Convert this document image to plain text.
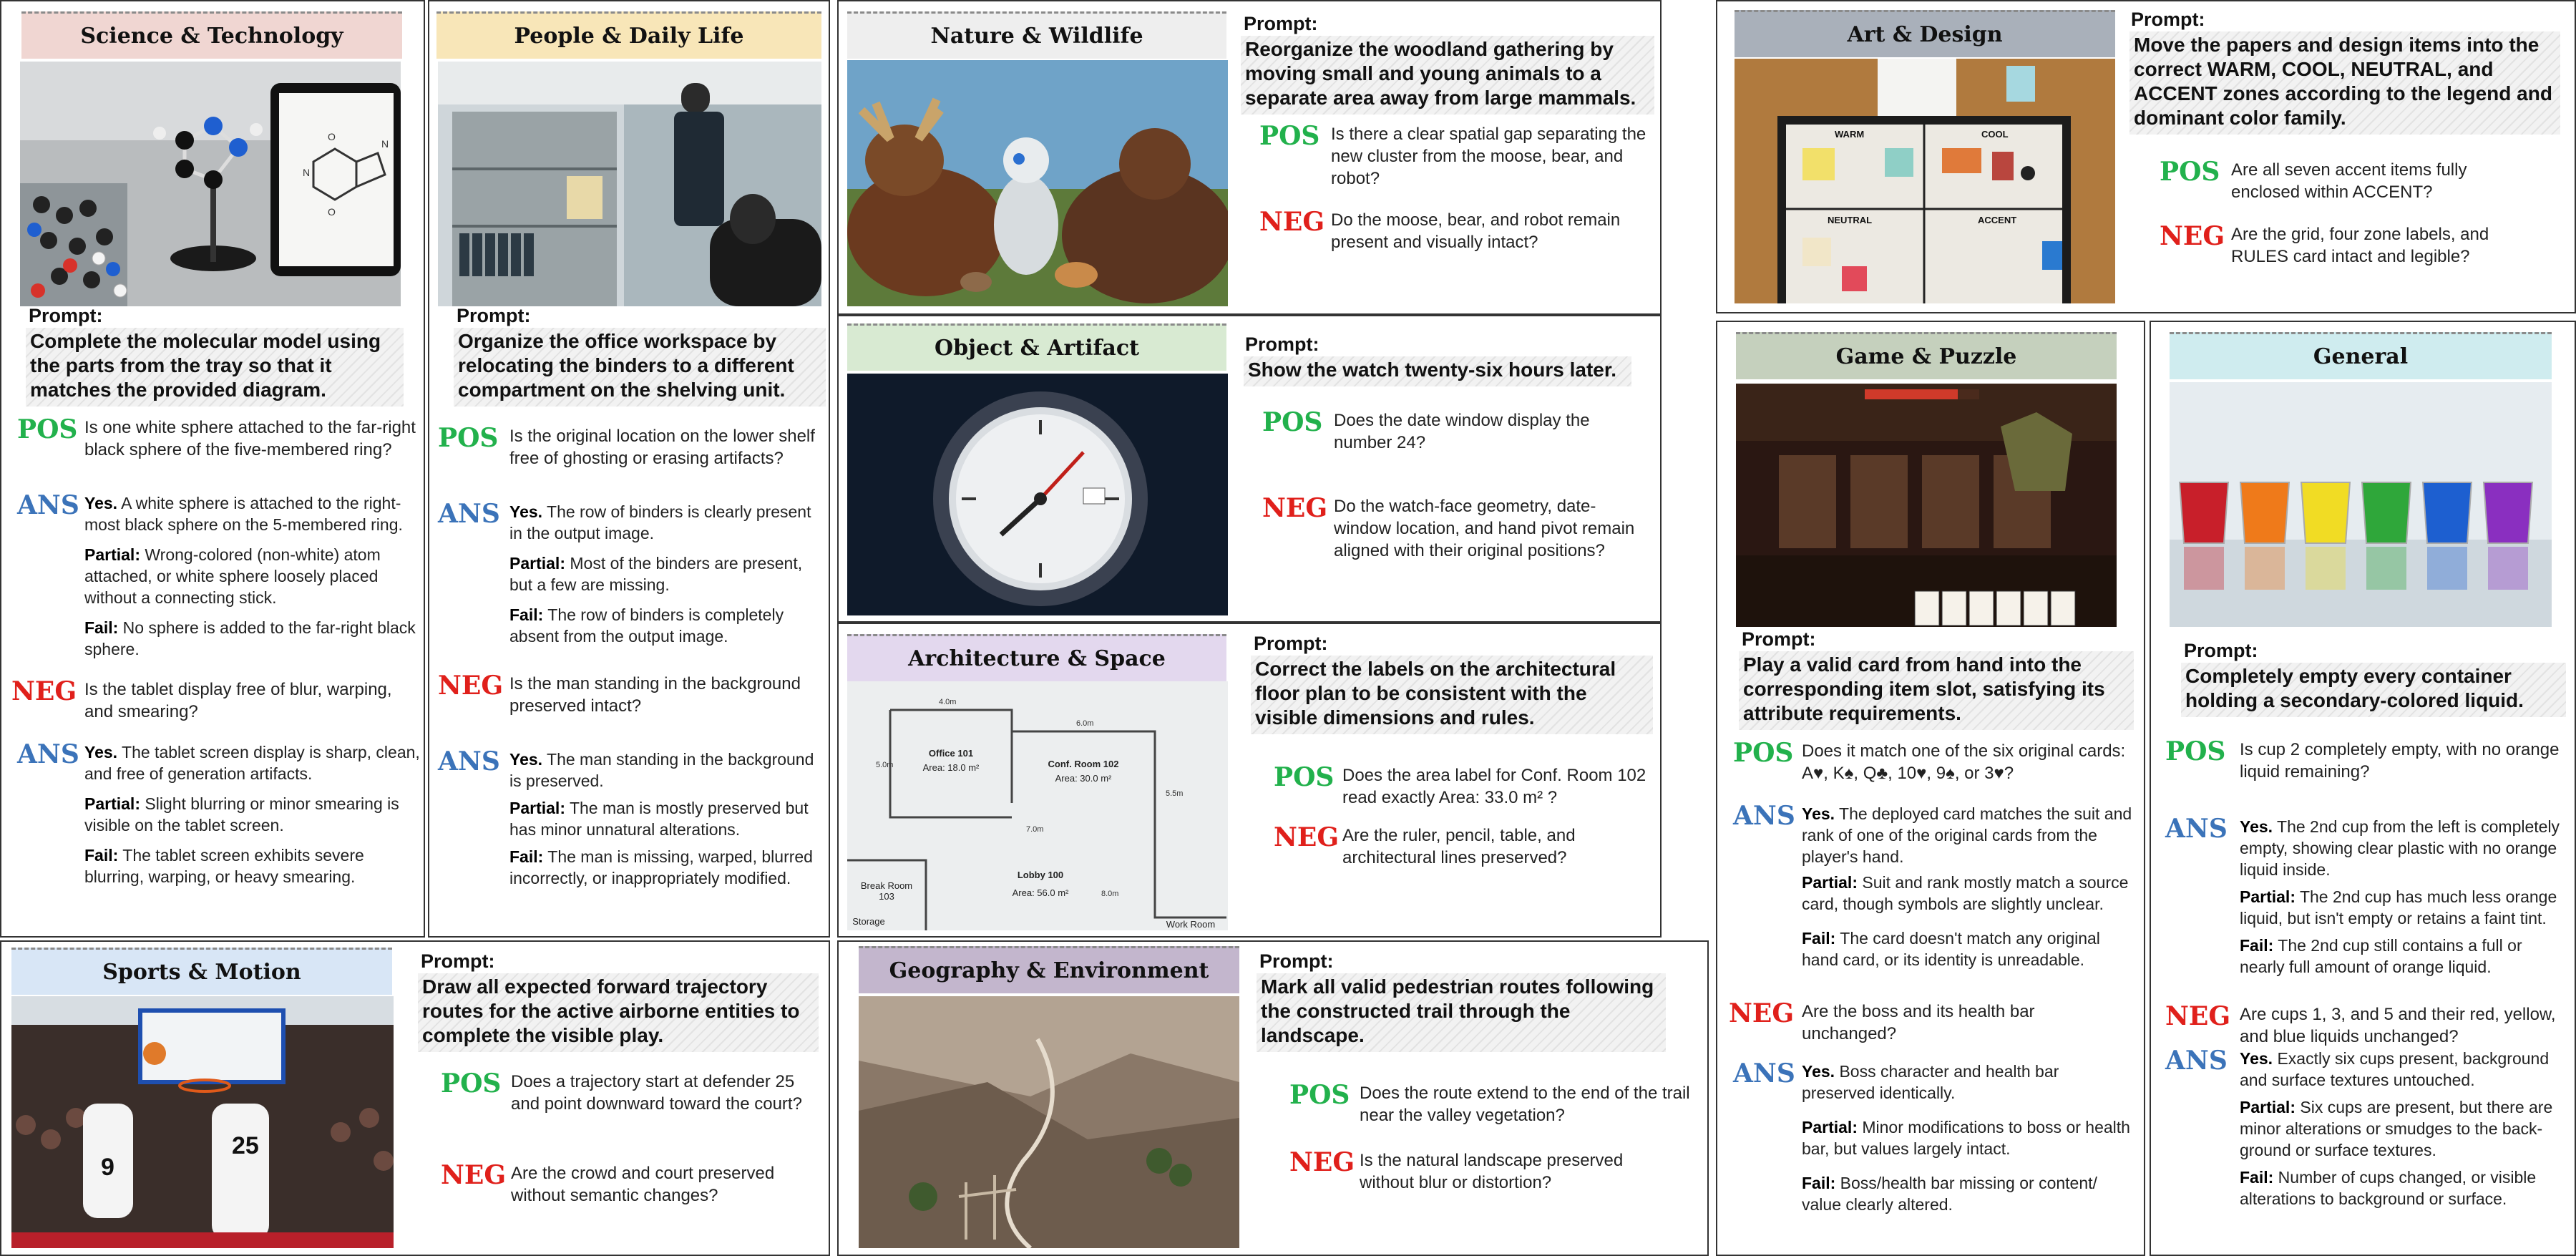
Science & Technology
O
N
O
N
Prompt:
Complete the molecular model using the parts from the tray so that it matches the provided diagram.
POS Is one white sphere attached to the far-right black sphere of the five-membered ring?
ANS Yes. A white sphere is attached to the right-most black sphere on the 5-membered ring.
Partial: Wrong-colored (non-white) atom attached, or white sphere loosely placed without a connecting stick.
Fail: No sphere is added to the far-right black sphere.
NEG Is the tablet display free of blur, warping, and smearing?
ANS Yes. The tablet screen display is sharp, clean, and free of generation artifacts.
Partial: Slight blurring or minor smearing is visible on the tablet screen.
Fail: The tablet screen exhibits severe blurring, warping, or heavy smearing.
People & Daily Life
Prompt:
Organize the office workspace by relocating the binders to a different compartment on the shelving unit.
POS Is the original location on the lower shelf free of ghosting or erasing artifacts?
ANS Yes. The row of binders is clearly present in the output image.
Partial: Most of the binders are present, but a few are missing.
Fail: The row of binders is completely absent from the output image.
NEG Is the man standing in the background preserved intact?
ANS Yes. The man standing in the background is preserved.
Partial: The man is mostly preserved but has minor unnatural alterations.
Fail: The man is missing, warped, blurred incorrectly, or inappropriately modified.
Nature & Wildlife	Prompt:
Reorganize the woodland gathering by moving small and young animals to a separate area away from large mammals.
POS Is there a clear spatial gap separating the new cluster from the moose, bear, and robot?
NEG Do the moose, bear, and robot remain present and visually intact?
Object & Artifact	Prompt:
Show the watch twenty-six hours later.
POS Does the date window display the number 24?
NEG Do the watch-face geometry, date-window location, and hand pivot remain aligned with their original positions?
Architecture & Space
4.0m
6.0m
5.0m
5.5m
7.0m
8.0m
Office 101
Area: 18.0 m²	Conf. Room 102
Area: 30.0 m²
Lobby 100
Area: 56.0 m²
Break Room
103
Storage	Work Room
Prompt:
Correct the labels on the architectural floor plan to be consistent with the visible dimensions and rules.
POS Does the area label for Conf. Room 102 read exactly Area: 33.0 m² ?
NEG Are the ruler, pencil, table, and architectural lines preserved?
Art & Design
WARM	COOL
NEUTRAL	ACCENT
Prompt:
Move the papers and design items into the correct WARM, COOL, NEUTRAL, and ACCENT zones according to the legend and dominant color family.
POS Are all seven accent items fully enclosed within ACCENT?
NEG Are the grid, four zone labels, and RULES card intact and legible?
Game & Puzzle
Prompt:
Play a valid card from hand into the corresponding item slot, satisfying its attribute requirements.
POS Does it match one of the six original cards: A♥, K♠, Q♣, 10♥, 9♠, or 3♥?
ANS Yes. The deployed card matches the suit and rank of one of the original cards from the player's hand.
Partial: Suit and rank mostly match a source card, though symbols are slightly unclear.
Fail: The card doesn't match any original hand card, or its identity is unreadable.
NEG Are the boss and its health bar unchanged?
ANS Yes. Boss character and health bar preserved identically.
Partial: Minor modifications to boss or health bar, but values largely intact.
Fail: Boss/health bar missing or content/ value clearly altered.
General
Prompt:
Completely empty every container holding a secondary-colored liquid.
POS Is cup 2 completely empty, with no orange liquid remaining?
ANS Yes. The 2nd cup from the left is completely empty, showing clear plastic with no orange liquid inside.
Partial: The 2nd cup has much less orange liquid, but isn't empty or retains a faint tint.
Fail: The 2nd cup still contains a full or nearly full amount of orange liquid.
NEG Are cups 1, 3, and 5 and their red, yellow, and blue liquids unchanged?
ANS Yes. Exactly six cups present, background and surface textures untouched.
Partial: Six cups are present, but there are minor alterations or smudges to the back-ground or surface textures.
Fail: Number of cups changed, or visible alterations to background or surface.
Sports & Motion
25
9
Prompt:
Draw all expected forward trajectory routes for the active airborne entities to complete the visible play.
POS Does a trajectory start at defender 25 and point downward toward the court?
NEG Are the crowd and court preserved without semantic changes?
Geography & Environment	Prompt:
Mark all valid pedestrian routes following the constructed trail through the landscape.
POS Does the route extend to the end of the trail near the valley vegetation?
NEG Is the natural landscape preserved without blur or distortion?
